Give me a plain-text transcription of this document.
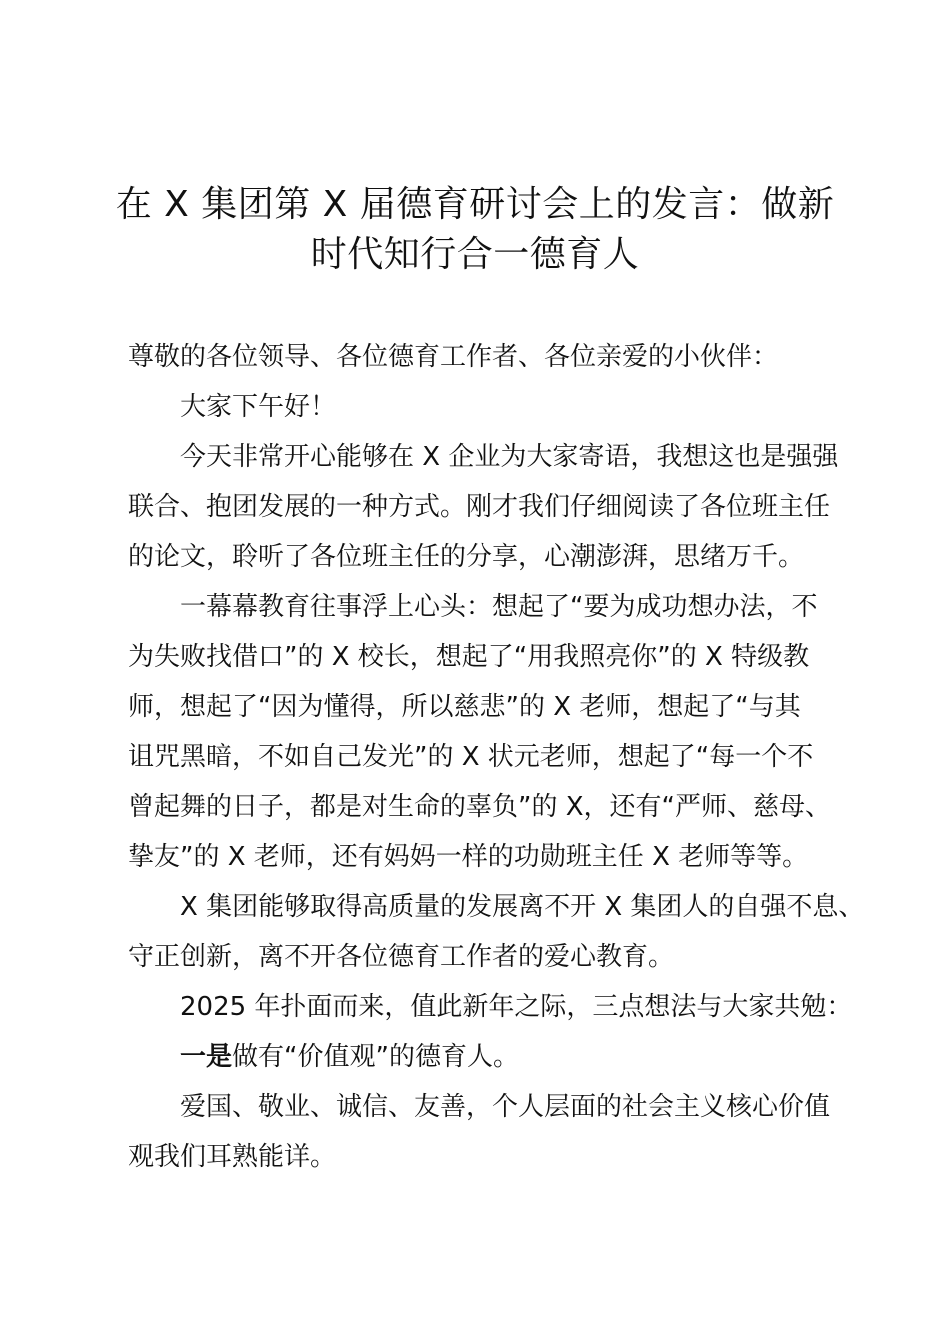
在 X 集团第 X 届德育研讨会上的发言：做新
时代知行合一德育人
尊敬的各位领导、各位德育工作者、各位亲爱的小伙伴：
大家下午好！
今天非常开心能够在 X 企业为大家寄语，我想这也是强强
联合、抱团发展的一种方式。刚才我们仔细阅读了各位班主任
的论文，聆听了各位班主任的分享，心潮澎湃，思绪万千。
一幕幕教育往事浮上心头：想起了“要为成功想办法，不
为失败找借口”的 X 校长，想起了“用我照亮你”的 X 特级教
师，想起了“因为懂得，所以慈悲”的 X 老师，想起了“与其
诅咒黑暗，不如自己发光”的 X 状元老师，想起了“每一个不
曾起舞的日子，都是对生命的辜负”的 X，还有“严师、慈母、
挚友”的 X 老师，还有妈妈一样的功勋班主任 X 老师等等。
X 集团能够取得高质量的发展离不开 X 集团人的自强不息、
守正创新，离不开各位德育工作者的爱心教育。
2025 年扑面而来，值此新年之际，三点想法与大家共勉：
一是做有“价值观”的德育人。
爱国、敬业、诚信、友善，个人层面的社会主义核心价值
观我们耳熟能详。
